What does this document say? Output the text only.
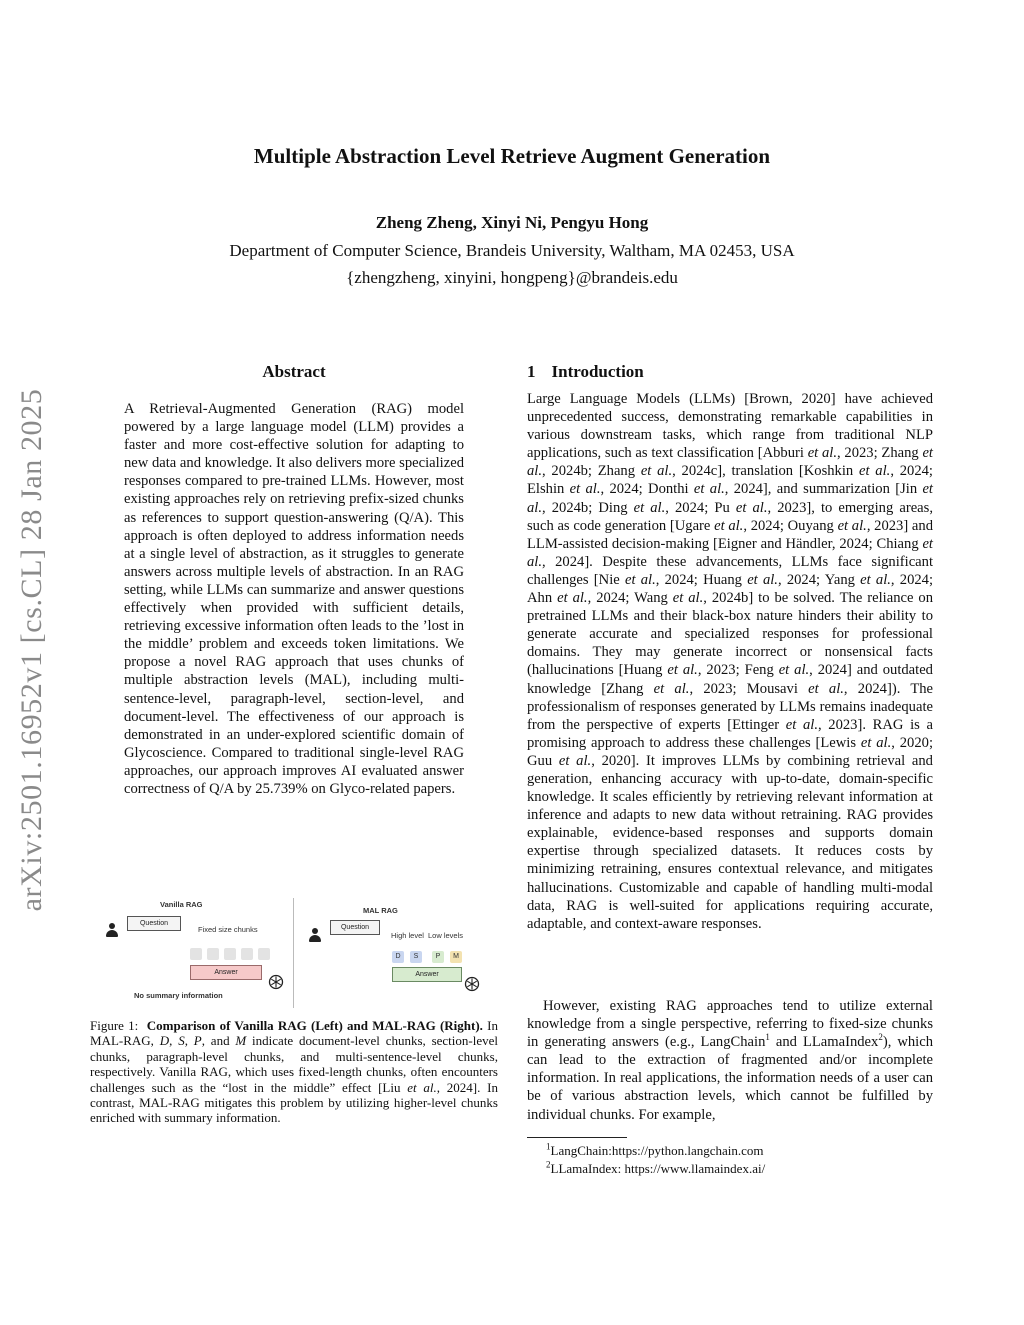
arXiv:2501.16952v1 [cs.CL] 28 Jan 2025
Multiple Abstraction Level Retrieve Augment Generation
Zheng Zheng, Xinyi Ni, Pengyu Hong
Department of Computer Science, Brandeis University, Waltham, MA 02453, USA
{zhengzheng, xinyini, hongpeng}@brandeis.edu
Abstract
A Retrieval-Augmented Generation (RAG) model powered by a large language model (LLM) provides a faster and more cost-effective solution for adapting to new data and knowledge. It also delivers more specialized responses compared to pre-trained LLMs. However, most existing approaches rely on retrieving prefix-sized chunks as references to support question-answering (Q/A). This approach is often deployed to address information needs at a single level of abstraction, as it struggles to generate answers across multiple levels of abstraction. In an RAG setting, while LLMs can summarize and answer questions effectively when provided with sufficient details, retrieving excessive information often leads to the ’lost in the middle’ problem and exceeds token limitations. We propose a novel RAG approach that uses chunks of multiple abstraction levels (MAL), including multi-sentence-level, paragraph-level, section-level, and document-level. The effectiveness of our approach is demonstrated in an under-explored scientific domain of Glycoscience. Compared to traditional single-level RAG approaches, our approach improves AI evaluated answer correctness of Q/A by 25.739% on Glyco-related papers.
Vanilla RAG
Question
Fixed size chunks
Answer
No summary information
MAL RAG
Question
High level Low levels
D	S	P	M
Answer
Figure 1: Comparison of Vanilla RAG (Left) and MAL-RAG (Right). In MAL-RAG, D, S, P, and M indicate document-level chunks, section-level chunks, paragraph-level chunks, and multi-sentence-level chunks, respectively. Vanilla RAG, which uses fixed-length chunks, often encounters challenges such as the “lost in the middle” effect [Liu et al., 2024]. In contrast, MAL-RAG mitigates this problem by utilizing higher-level chunks enriched with summary information.
1 Introduction
Large Language Models (LLMs) [Brown, 2020] have achieved unprecedented success, demonstrating remarkable capabilities in various downstream tasks, which range from traditional NLP applications, such as text classification [Abburi et al., 2023; Zhang et al., 2024b; Zhang et al., 2024c], translation [Koshkin et al., 2024; Elshin et al., 2024; Donthi et al., 2024], and summarization [Jin et al., 2024b; Ding et al., 2024; Pu et al., 2023], to emerging areas, such as code generation [Ugare et al., 2024; Ouyang et al., 2023] and LLM-assisted decision-making [Eigner and Händler, 2024; Chiang et al., 2024]. Despite these advancements, LLMs face significant challenges [Nie et al., 2024; Huang et al., 2024; Yang et al., 2024; Ahn et al., 2024; Wang et al., 2024b] to be solved. The reliance on pretrained LLMs and their black-box nature hinders their ability to generate accurate and specialized responses for professional domains. They may generate incorrect or nonsensical facts (hallucinations [Huang et al., 2023; Feng et al., 2024] and outdated knowledge [Zhang et al., 2023; Mousavi et al., 2024]). The professionalism of responses generated by LLMs remains inadequate from the perspective of experts [Ettinger et al., 2023]. RAG is a promising approach to address these challenges [Lewis et al., 2020; Guu et al., 2020]. It improves LLMs by combining retrieval and generation, enhancing accuracy with up-to-date, domain-specific knowledge. It scales efficiently by retrieving relevant information at inference and adapts to new data without retraining. RAG provides explainable, evidence-based responses and supports domain expertise through specialized datasets. It reduces costs by minimizing retraining, ensures contextual relevance, and mitigates hallucinations. Customizable and capable of handling multi-modal data, RAG is well-suited for applications requiring accurate, adaptable, and context-aware responses.
However, existing RAG approaches tend to utilize external knowledge from a single perspective, referring to fixed-size chunks in generating answers (e.g., LangChain$^1$ and LLamaIndex$^2$), which can lead to the extraction of fragmented and/or incomplete information. In real applications, the information needs of a user can be of various abstraction levels, which cannot be fulfilled by individual chunks. For example,
$^1$LangChain:https://python.langchain.com
$^2$LLamaIndex: https://www.llamaindex.ai/
